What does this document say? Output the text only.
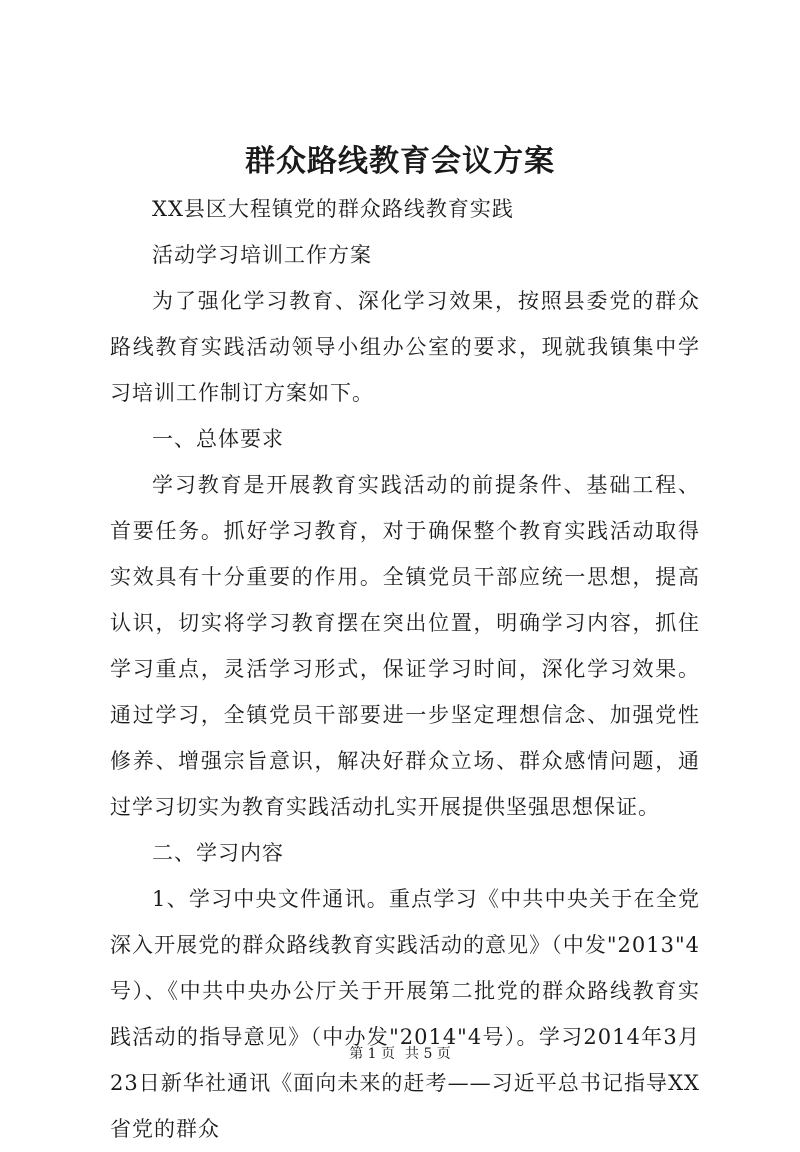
群众路线教育会议方案

XX县区大程镇党的群众路线教育实践

活动学习培训工作方案

为了强化学习教育、深化学习效果，按照县委党的群众路线教育实践活动领导小组办公室的要求，现就我镇集中学习培训工作制订方案如下。

一、总体要求

学习教育是开展教育实践活动的前提条件、基础工程、首要任务。抓好学习教育，对于确保整个教育实践活动取得实效具有十分重要的作用。全镇党员干部应统一思想，提高认识，切实将学习教育摆在突出位置，明确学习内容，抓住学习重点，灵活学习形式，保证学习时间，深化学习效果。通过学习，全镇党员干部要进一步坚定理想信念、加强党性修养、增强宗旨意识，解决好群众立场、群众感情问题，通过学习切实为教育实践活动扎实开展提供坚强思想保证。

二、学习内容

1、学习中央文件通讯。重点学习《中共中央关于在全党深入开展党的群众路线教育实践活动的意见》（中发"2013"4号）、《中共中央办公厅关于开展第二批党的群众路线教育实践活动的指导意见》（中办发"2014"4号）。学习2014年3月23日新华社通讯《面向未来的赶考——习近平总书记指导XX省党的群众

第 1 页 共 5 页
